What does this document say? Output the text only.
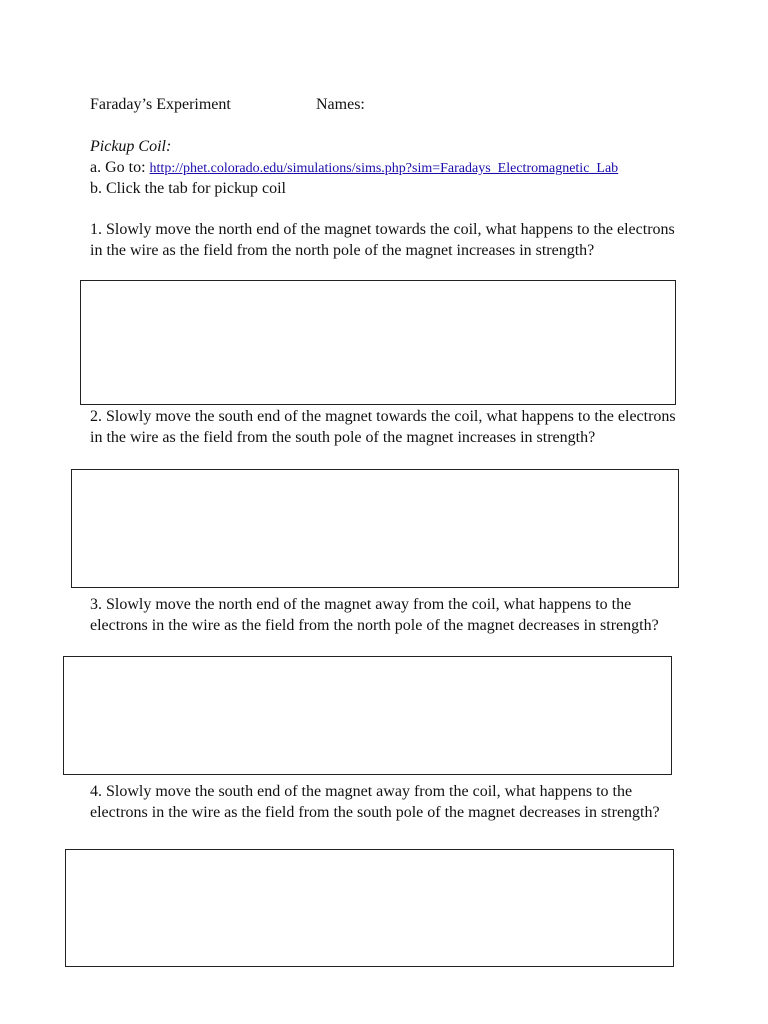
Faraday’s Experiment	Names:
Pickup Coil:
a. Go to: http://phet.colorado.edu/simulations/sims.php?sim=Faradays_Electromagnetic_Lab
b. Click the tab for pickup coil
1. Slowly move the north end of the magnet towards the coil, what happens to the electrons in the wire as the field from the north pole of the magnet increases in strength?
2. Slowly move the south end of the magnet towards the coil, what happens to the electrons in the wire as the field from the south pole of the magnet increases in strength?
3. Slowly move the north end of the magnet away from the coil, what happens to the electrons in the wire as the field from the north pole of the magnet decreases in strength?
4. Slowly move the south end of the magnet away from the coil, what happens to the electrons in the wire as the field from the south pole of the magnet decreases in strength?
